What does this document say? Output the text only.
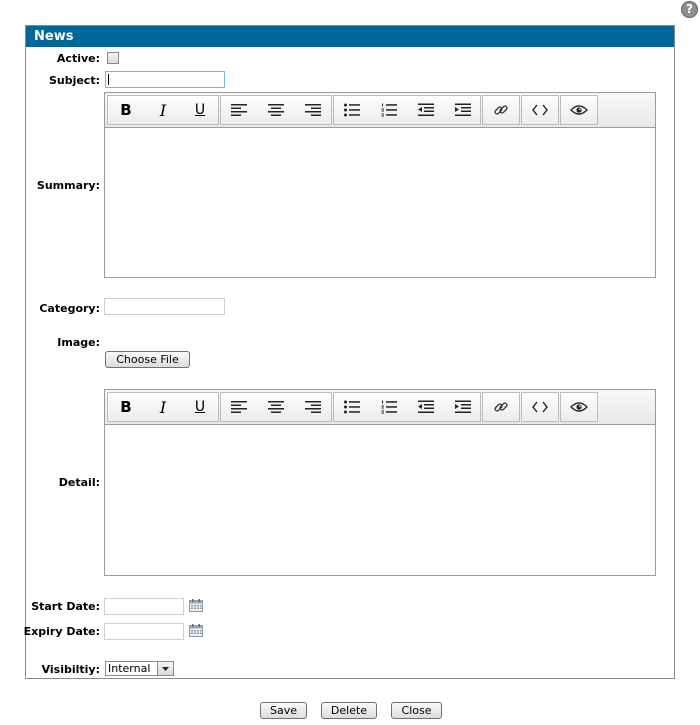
?
News
Active:
Subject:
Summary:
B I U
Category:
Image:
Choose File
Detail:
B I U
Start Date:
Expiry Date:
Visibiltiy: Internal
Save	Delete	Close
